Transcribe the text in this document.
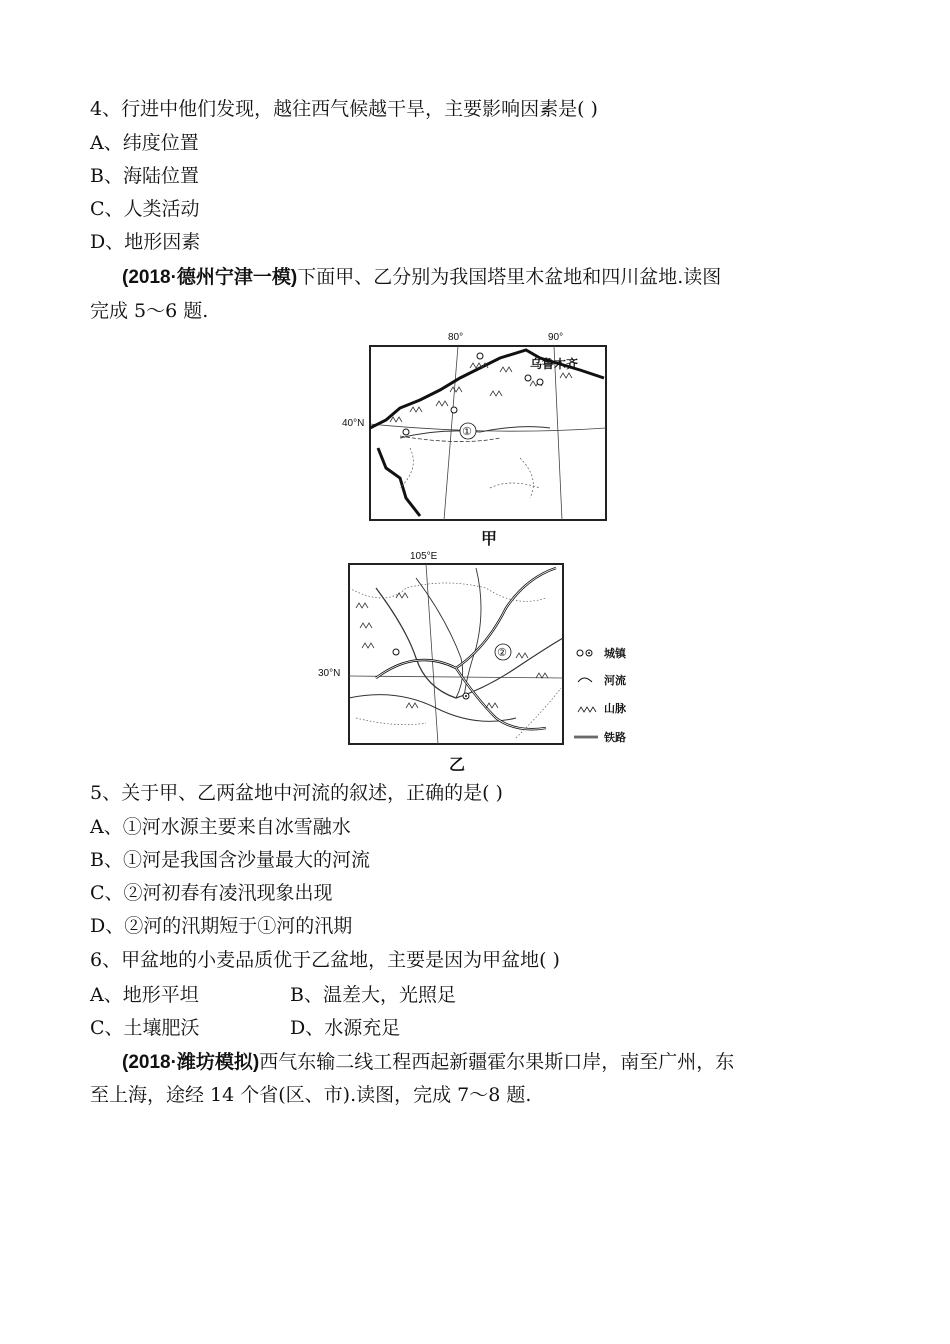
4、行进中他们发现，越往西气候越干旱，主要影响因素是( )
A、纬度位置
B、海陆位置
C、人类活动
D、地形因素
(2018·德州宁津一模)下面甲、乙分别为我国塔里木盆地和四川盆地.读图
完成 5～6 题.
80°	90°
40°N
乌鲁木齐
①
甲
105°E
30°N
②	城镇
河流
山脉
铁路
乙
5、关于甲、乙两盆地中河流的叙述，正确的是( )
A、①河水源主要来自冰雪融水
B、①河是我国含沙量最大的河流
C、②河初春有凌汛现象出现
D、②河的汛期短于①河的汛期
6、甲盆地的小麦品质优于乙盆地，主要是因为甲盆地( )
A、地形平坦	B、温差大，光照足
C、土壤肥沃	D、水源充足
(2018·潍坊模拟)西气东输二线工程西起新疆霍尔果斯口岸，南至广州，东
至上海，途经 14 个省(区、市).读图，完成 7～8 题.
